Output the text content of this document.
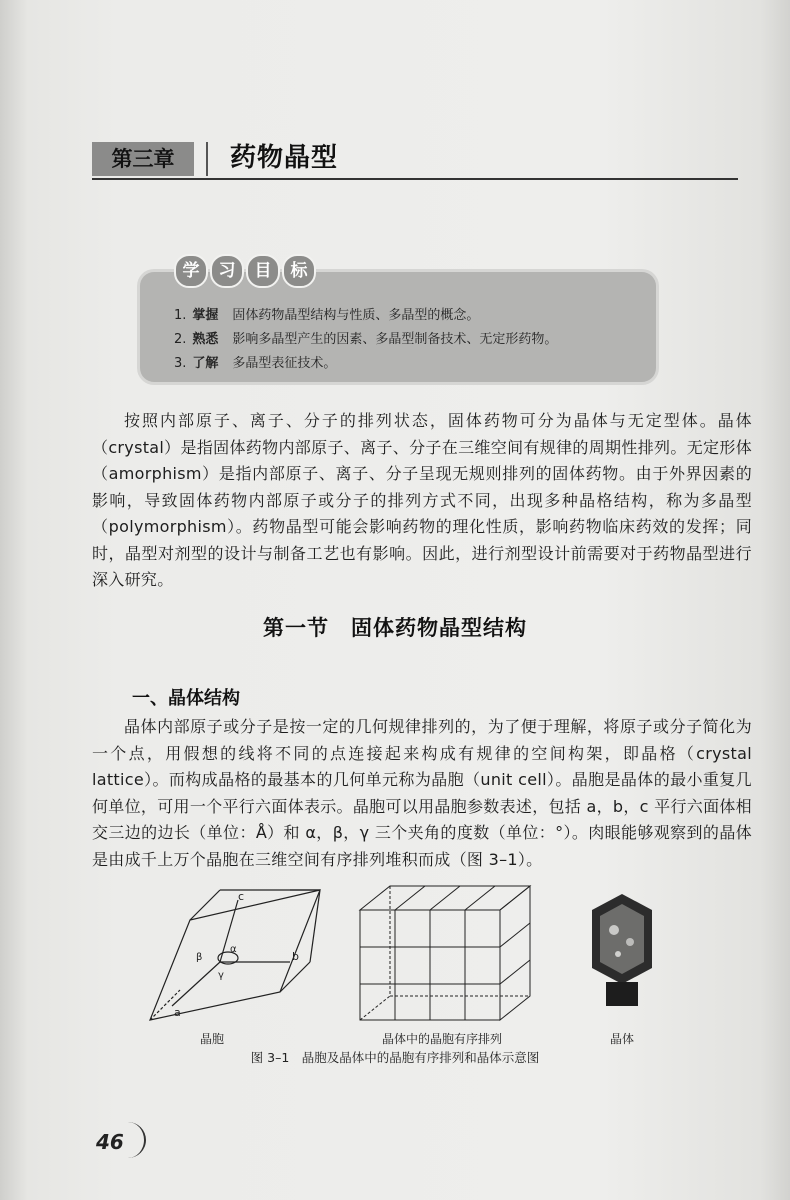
第三章	药物晶型
学	习	目	标
1. 掌握 固体药物晶型结构与性质、多晶型的概念。
2. 熟悉 影响多晶型产生的因素、多晶型制备技术、无定形药物。
3. 了解 多晶型表征技术。

按照内部原子、离子、分子的排列状态，固体药物可分为晶体与无定型体。晶体（crystal）是指固体药物内部原子、离子、分子在三维空间有规律的周期性排列。无定形体（amorphism）是指内部原子、离子、分子呈现无规则排列的固体药物。由于外界因素的影响，导致固体药物内部原子或分子的排列方式不同，出现多种晶格结构，称为多晶型（polymorphism）。药物晶型可能会影响药物的理化性质，影响药物临床药效的发挥；同时，晶型对剂型的设计与制备工艺也有影响。因此，进行剂型设计前需要对于药物晶型进行深入研究。

第一节　固体药物晶型结构
一、晶体结构

晶体内部原子或分子是按一定的几何规律排列的，为了便于理解，将原子或分子简化为一个点，用假想的线将不同的点连接起来构成有规律的空间构架，即晶格（crystal lattice）。而构成晶格的最基本的几何单元称为晶胞（unit cell）。晶胞是晶体的最小重复几何单位，可用一个平行六面体表示。晶胞可以用晶胞参数表述，包括 a，b，c 平行六面体相交三边的边长（单位：Å）和 α，β，γ 三个夹角的度数（单位：°）。肉眼能够观察到的晶体是由成千上万个晶胞在三维空间有序排列堆积而成（图 3–1）。

c
b
a
α
β
γ
晶胞	晶体中的晶胞有序排列	晶体
图 3–1　晶胞及晶体中的晶胞有序排列和晶体示意图
46
